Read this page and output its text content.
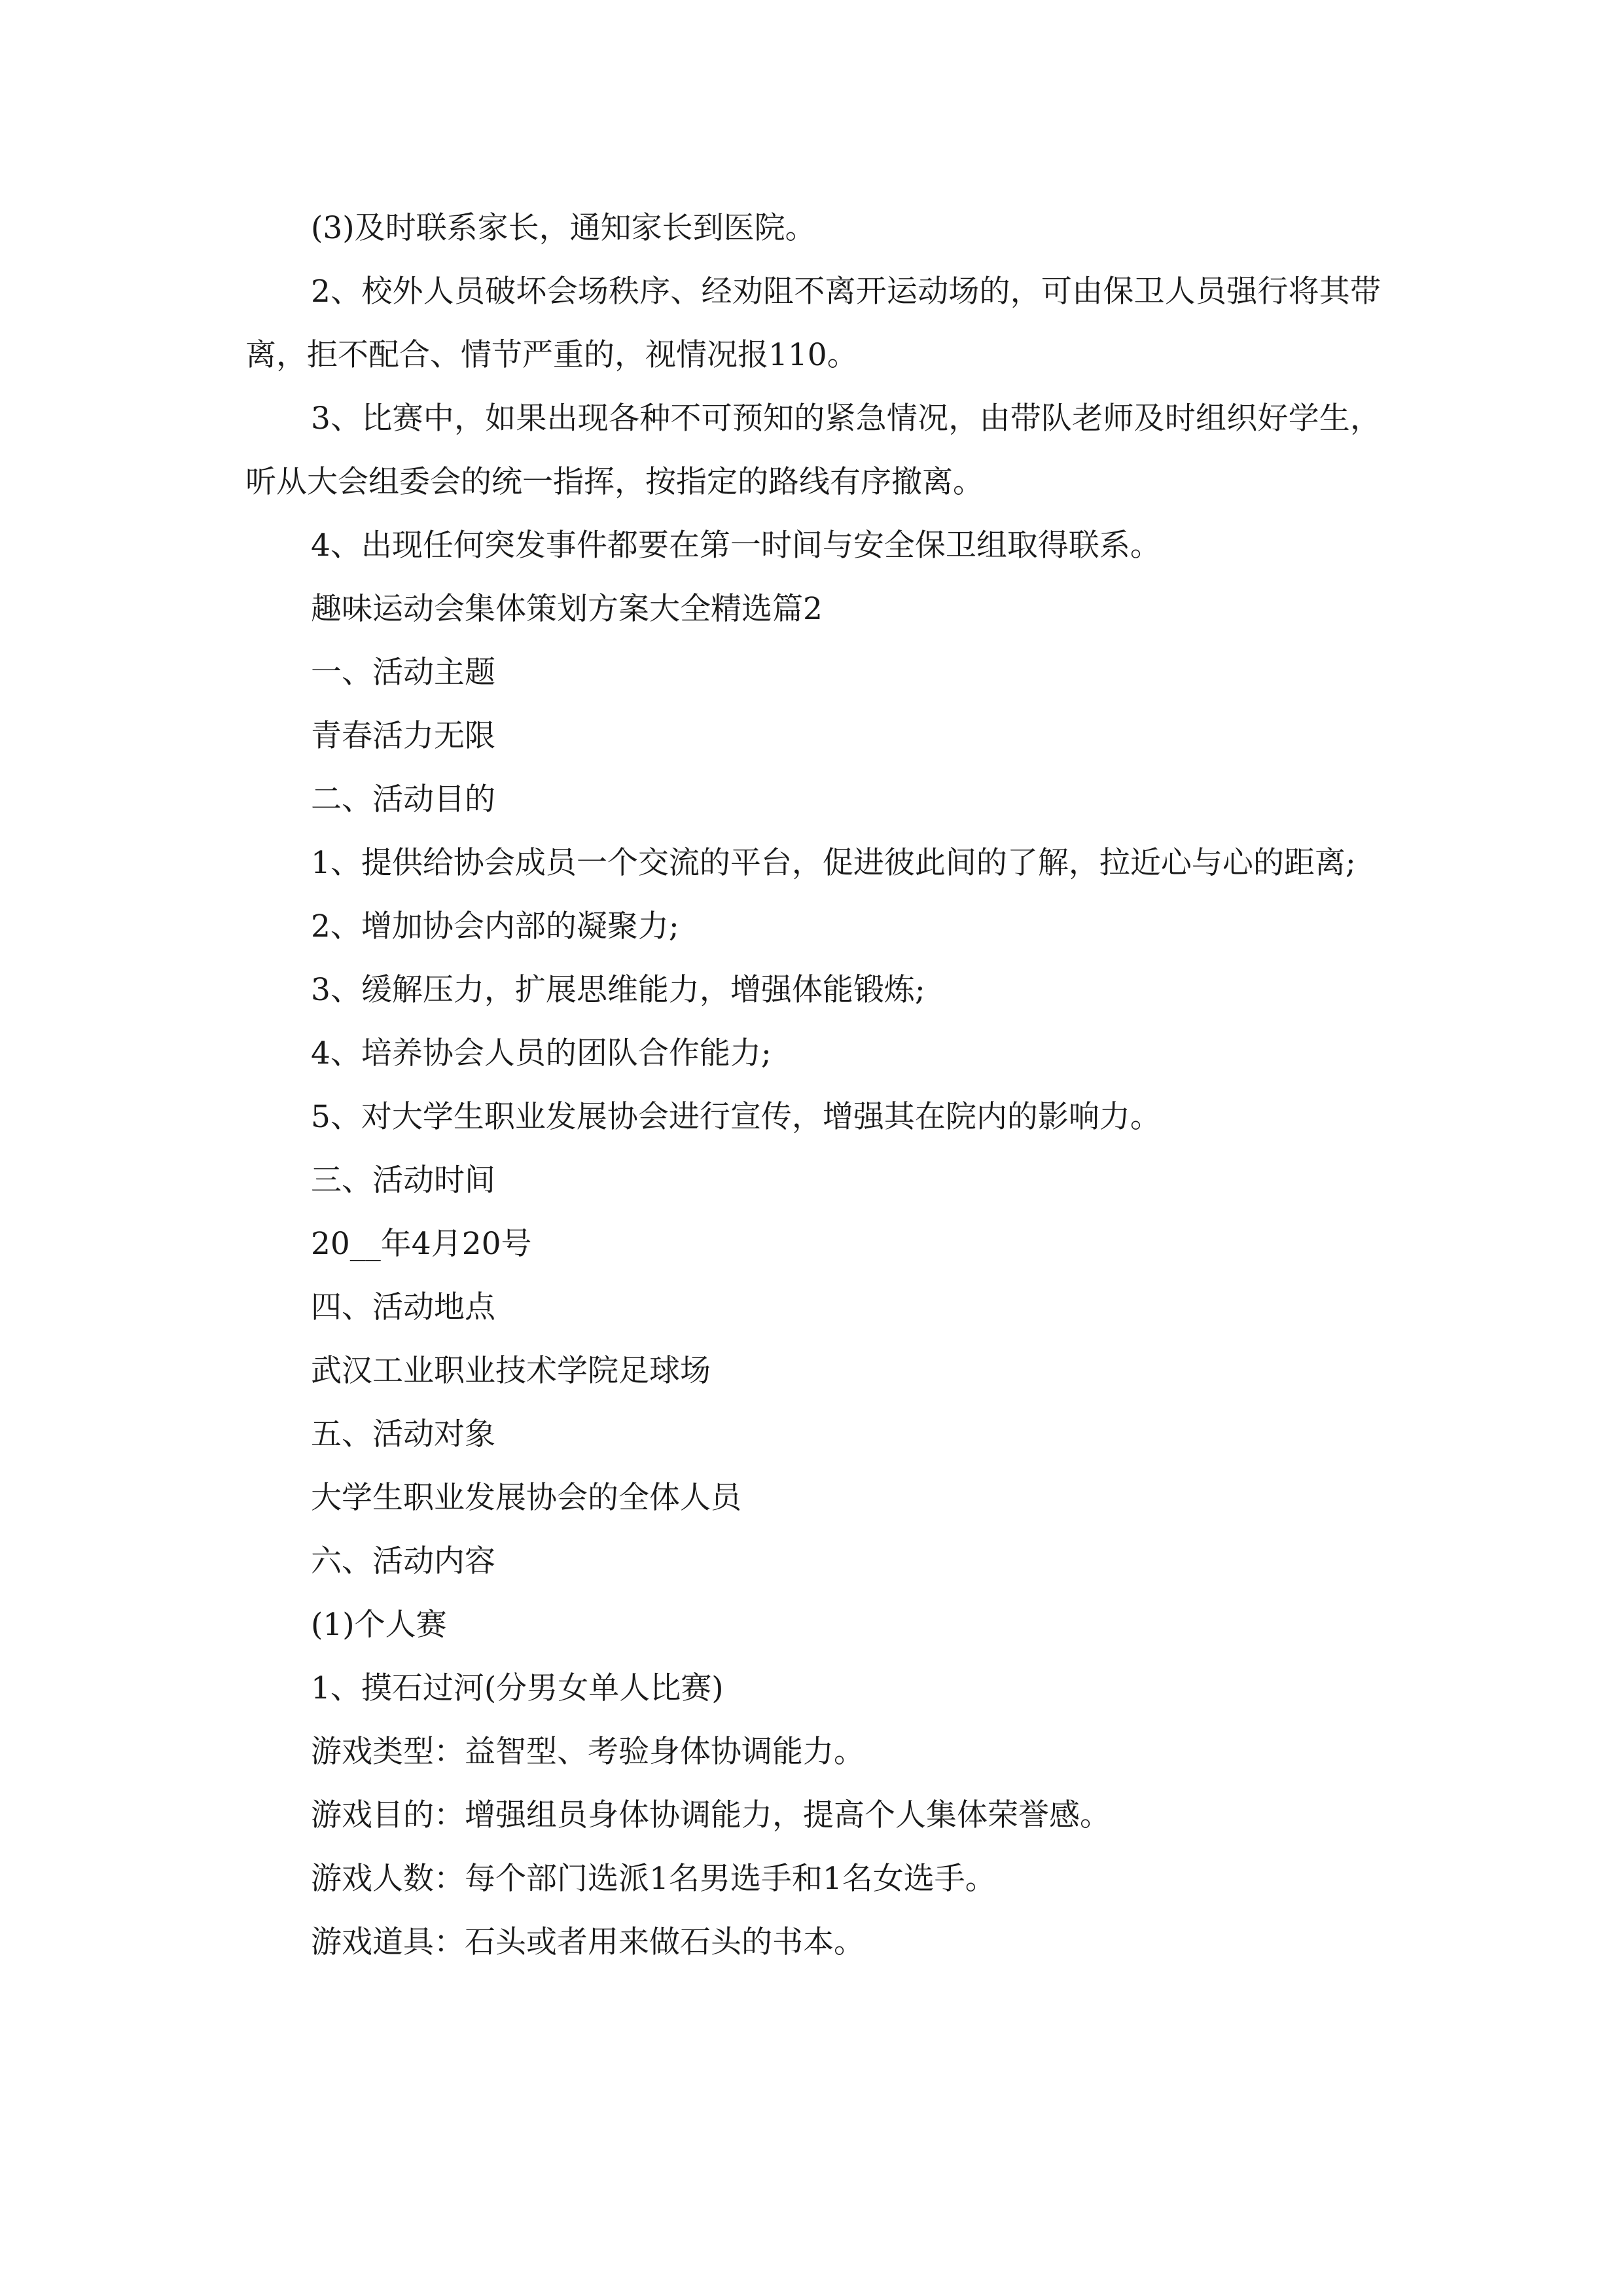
(3)及时联系家长，通知家长到医院。

2、校外人员破坏会场秩序、经劝阻不离开运动场的，可由保卫人员强行将其带离，拒不配合、情节严重的，视情况报110。

3、比赛中，如果出现各种不可预知的紧急情况，由带队老师及时组织好学生，听从大会组委会的统一指挥，按指定的路线有序撤离。

4、出现任何突发事件都要在第一时间与安全保卫组取得联系。

趣味运动会集体策划方案大全精选篇2

一、活动主题

青春活力无限

二、活动目的

1、提供给协会成员一个交流的平台，促进彼此间的了解，拉近心与心的距离;

2、增加协会内部的凝聚力;

3、缓解压力，扩展思维能力，增强体能锻炼;

4、培养协会人员的团队合作能力;

5、对大学生职业发展协会进行宣传，增强其在院内的影响力。

三、活动时间

20__年4月20号

四、活动地点

武汉工业职业技术学院足球场

五、活动对象

大学生职业发展协会的全体人员

六、活动内容

(1)个人赛

1、摸石过河(分男女单人比赛)

游戏类型：益智型、考验身体协调能力。

游戏目的：增强组员身体协调能力，提高个人集体荣誉感。

游戏人数：每个部门选派1名男选手和1名女选手。

游戏道具：石头或者用来做石头的书本。
